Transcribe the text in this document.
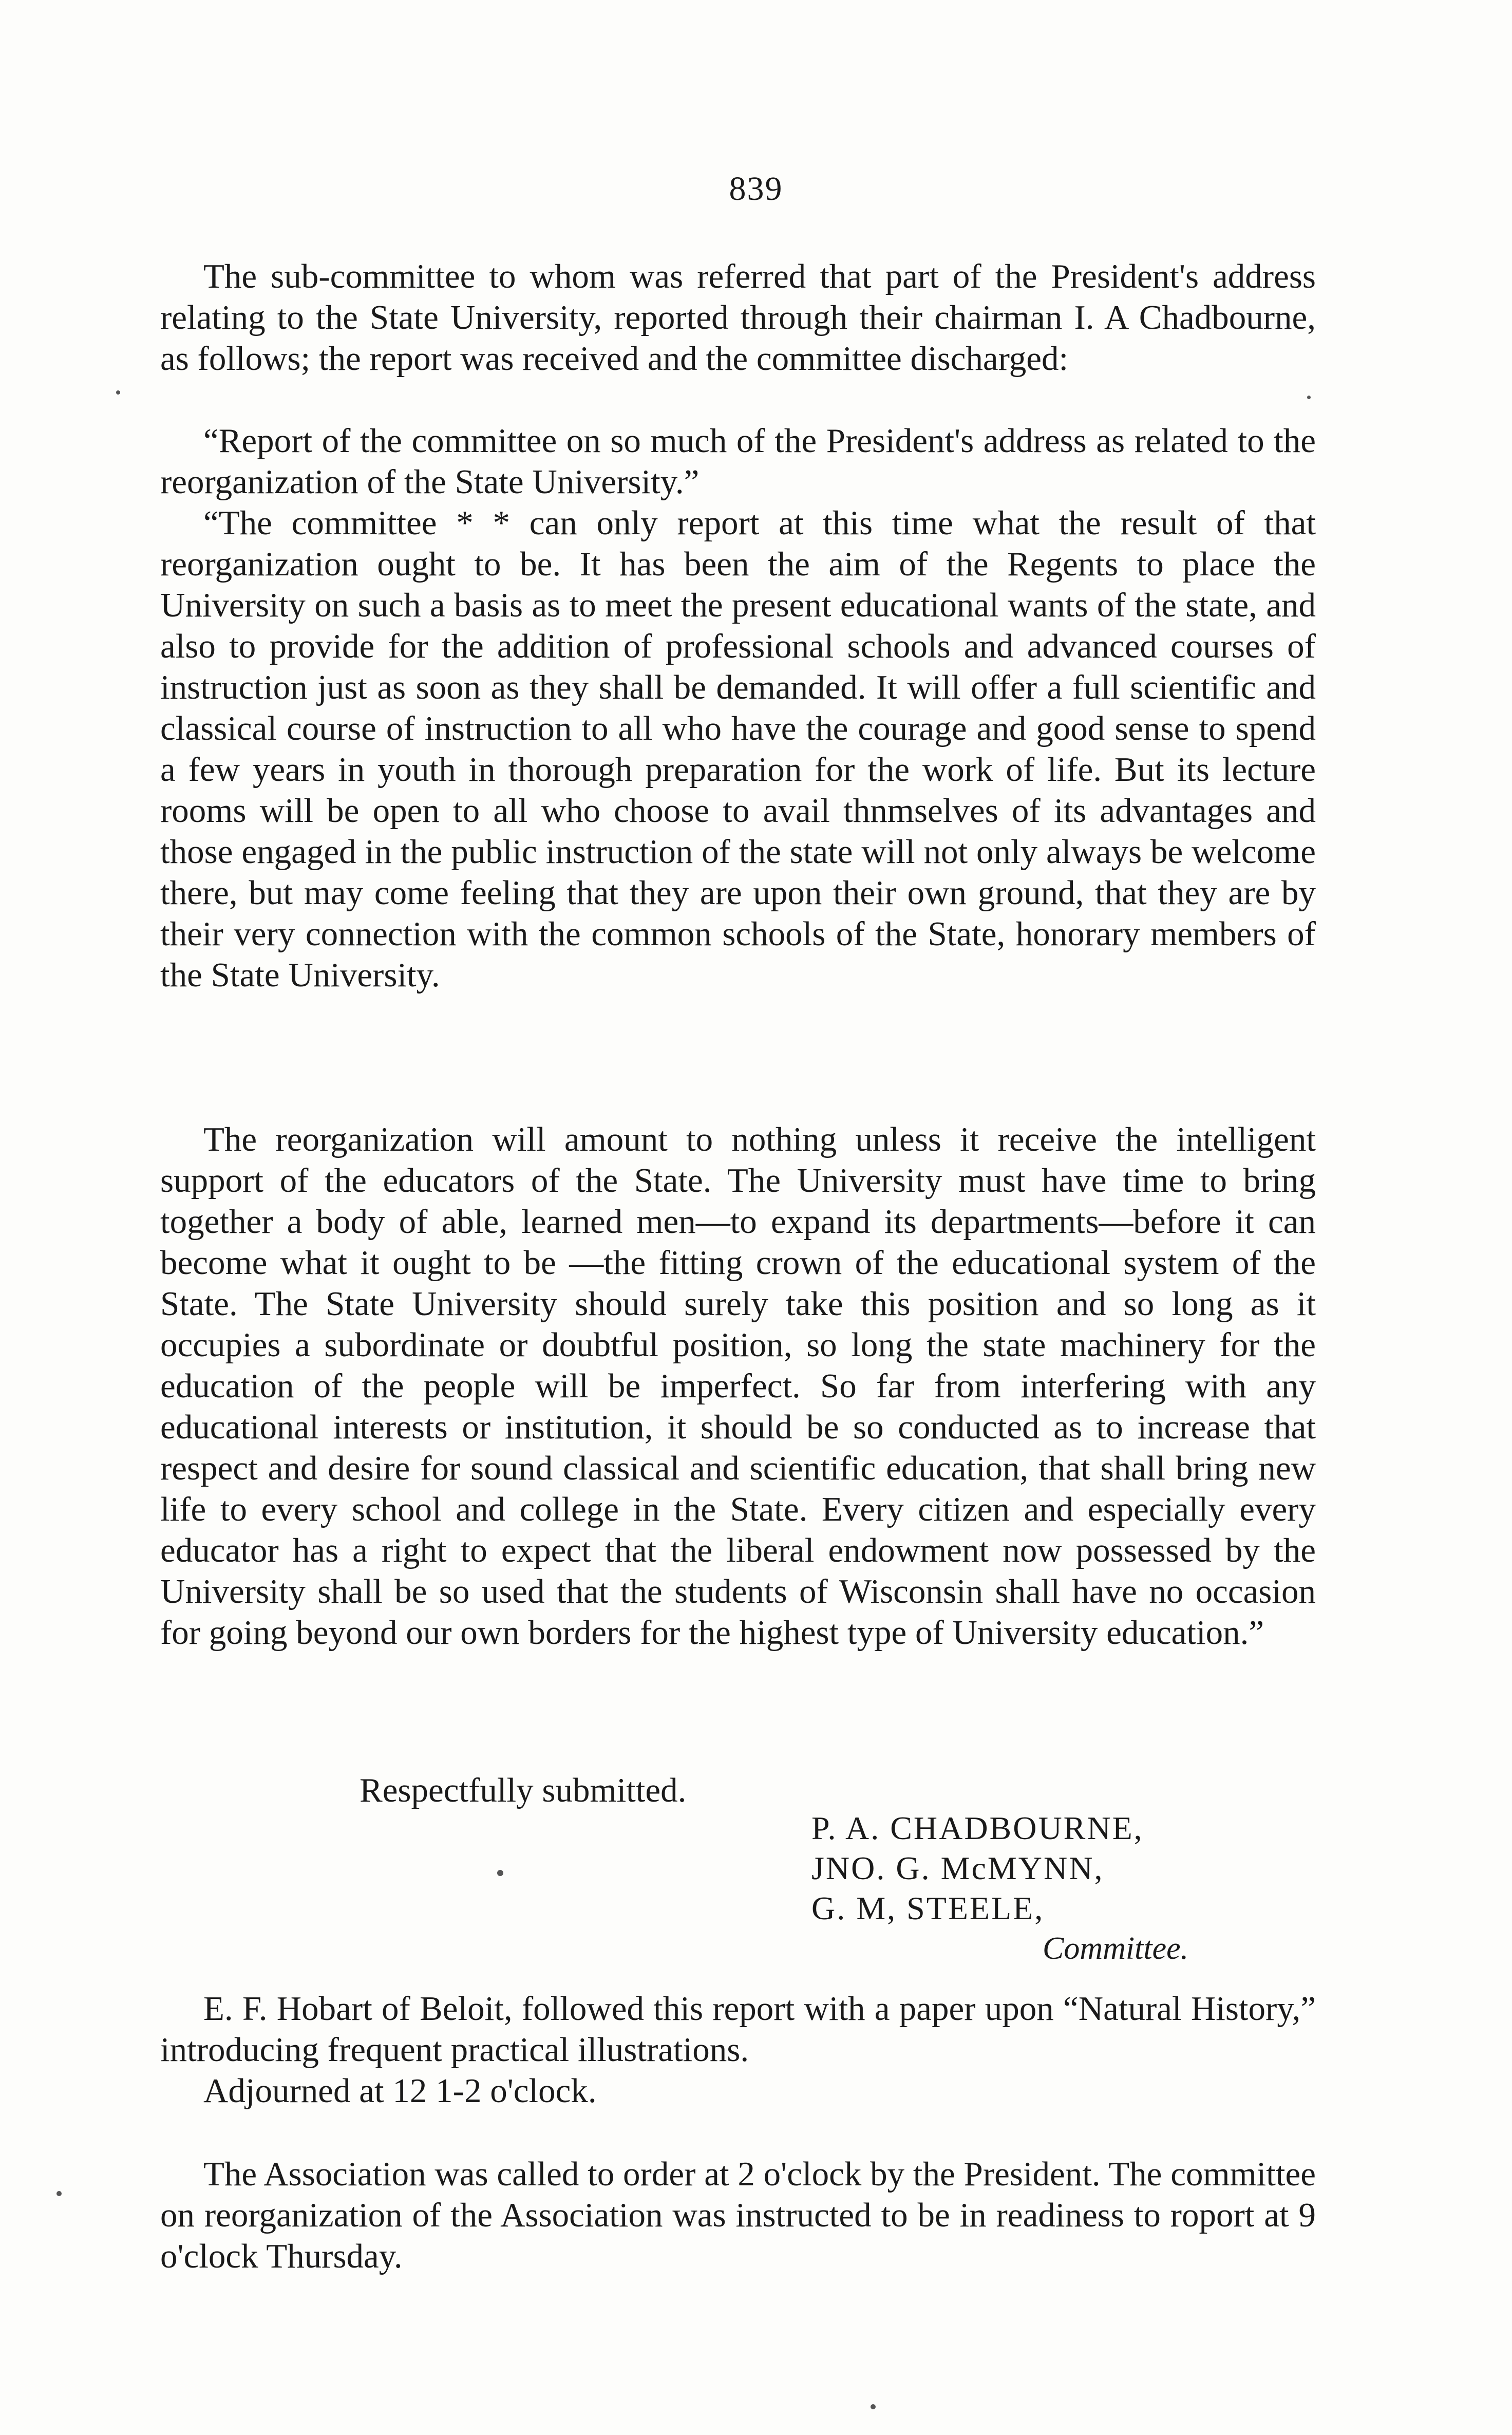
839

The sub-committee to whom was referred that part of the President's address relating to the State University, reported through their chairman I. A Chadbourne, as follows; the report was received and the committee discharged:

“Report of the committee on so much of the President's address as related to the reorganization of the State University.”

“The committee * * can only report at this time what the result of that reorganization ought to be. It has been the aim of the Regents to place the University on such a basis as to meet the present educational wants of the state, and also to provide for the addition of professional schools and advanced courses of instruction just as soon as they shall be demanded. It will offer a full scientific and classical course of instruction to all who have the courage and good sense to spend a few years in youth in thorough preparation for the work of life. But its lecture rooms will be open to all who choose to avail thnmselves of its advantages and those engaged in the public instruction of the state will not only always be welcome there, but may come feeling that they are upon their own ground, that they are by their very connection with the common schools of the State, honorary members of the State University.

The reorganization will amount to nothing unless it receive the intelligent support of the educators of the State. The University must have time to bring together a body of able, learned men—to expand its departments—before it can become what it ought to be —the fitting crown of the educational system of the State. The State University should surely take this position and so long as it occupies a subordinate or doubtful position, so long the state machinery for the education of the people will be imperfect. So far from interfering with any educational interests or institution, it should be so conducted as to increase that respect and desire for sound classical and scientific education, that shall bring new life to every school and college in the State. Every citizen and especially every educator has a right to expect that the liberal endowment now possessed by the University shall be so used that the students of Wisconsin shall have no occasion for going beyond our own borders for the highest type of University education.”

Respectfully submitted.
P. A. CHADBOURNE,
JNO. G. McMYNN,
G. M, STEELE,
Committee.

E. F. Hobart of Beloit, followed this report with a paper upon “Natural History,” introducing frequent practical illustrations.

Adjourned at 12 1-2 o'clock.

The Association was called to order at 2 o'clock by the President. The committee on reorganization of the Association was instructed to be in readiness to roport at 9 o'clock Thursday.
